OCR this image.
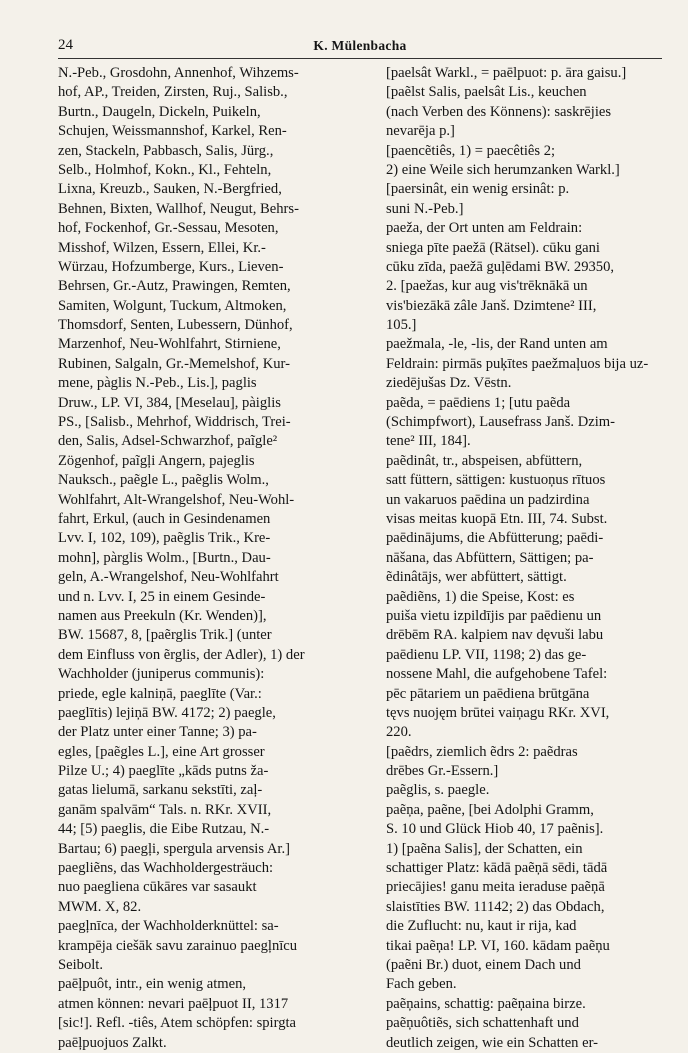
24	K. Mülenbacha
N.-Peb., Grosdohn, Annenhof, Wihzems-
hof, AP., Treiden, Zirsten, Ruj., Salisb.,
Burtn., Daugeln, Dickeln, Puikeln,
Schujen, Weissmannshof, Karkel, Ren-
zen, Stackeln, Pabbasch, Salis, Jürg.,
Selb., Holmhof, Kokn., Kl., Fehteln,
Lixna, Kreuzb., Sauken, N.-Bergfried,
Behnen, Bixten, Wallhof, Neugut, Behrs-
hof, Fockenhof, Gr.-Sessau, Mesoten,
Misshof, Wilzen, Essern, Ellei, Kr.-
Würzau, Hofzumberge, Kurs., Lieven-
Behrsen, Gr.-Autz, Prawingen, Remten,
Samiten, Wolgunt, Tuckum, Altmoken,
Thomsdorf, Senten, Lubessern, Dünhof,
Marzenhof, Neu-Wohlfahrt, Stirniene,
Rubinen, Salgaln, Gr.-Memelshof, Kur-
mene, pàglis N.-Peb., Lis.], paglis
Druw., LP. VI, 384, [Meselau], pàiglis
PS., [Salisb., Mehrhof, Widdrisch, Trei-
den, Salis, Adsel-Schwarzhof, paĩgle²
Zögenhof, paĩgļi Angern, pajeglis
Nauksch., paẽgle L., paẽglis Wolm.,
Wohlfahrt, Alt-Wrangelshof, Neu-Wohl-
fahrt, Erkul, (auch in Gesindenamen
Lvv. I, 102, 109), paẽglis Trik., Kre-
mohn], pàrglis Wolm., [Burtn., Dau-
geln, A.-Wrangelshof, Neu-Wohlfahrt
und n. Lvv. I, 25 in einem Gesinde-
namen aus Preekuln (Kr. Wenden)],
BW. 15687, 8, [paẽrglis Trik.] (unter
dem Einfluss von ẽrglis, der Adler), 1) der
Wachholder (juniperus communis):
priede, egle kalniņā, paeglīte (Var.:
paeglītis) lejiņā BW. 4172; 2) paegle,
der Platz unter einer Tanne; 3) pa-
egles, [paẽgles L.], eine Art grosser
Pilze U.; 4) paeglīte „kāds putns ža-
gatas lielumā, sarkanu sekstīti, zaļ-
ganām spalvām“ Tals. n. RKr. XVII,
44; [5) paeglis, die Eibe Rutzau, N.-
Bartau; 6) paegļi, spergula arvensis Ar.]
paegliẽns, das Wachholdergesträuch:
nuo paegliena cūkāres var sasaukt
MWM. X, 82.
paegļnīca, der Wachholderknüttel: sa-
krampēja ciešāk savu zarainuo paegļnīcu
Seibolt.
paēļpuôt, intr., ein wenig atmen,
atmen können: nevari paēļpuot II, 1317
[sic!]. Refl. -tiês, Atem schöpfen: spirgta
paēļpuojuos Zalkt.
[paelsât Warkl., = paēlpuot: p. āra gaisu.]
[paẽlst Salis, paelsât Lis., keuchen
(nach Verben des Könnens): saskrējies
nevarēja p.]
[paencẽtiês, 1) = paecêtiês 2;
2) eine Weile sich herumzanken Warkl.]
[paersinât, ein wenig ersinât: p.
suni N.-Peb.]
paeža, der Ort unten am Feldrain:
sniega pīte paežā (Rätsel). cūku gani
cūku zīda, paežā guļēdami BW. 29350,
2. [paežas, kur aug vis'trēknākā un
vis'biezākā zâle Janš. Dzimtene² III,
105.]
paežmala, -le, -lis, der Rand unten am
Feldrain: pirmās puķītes paežmaļuos bija uz-
ziedējušas Dz. Vēstn.
paẽda, = paēdiens 1; [utu paẽda
(Schimpfwort), Lausefrass Janš. Dzim-
tene² III, 184].
paẽdinât, tr., abspeisen, abfüttern,
satt füttern, sättigen: kustuoņus rītuos
un vakaruos paēdina un padzirdina
visas meitas kuopā Etn. III, 74. Subst.
paēdinājums, die Abfütterung; paēdi-
nāšana, das Abfüttern, Sättigen; pa-
ẽdinâtājs, wer abfüttert, sättigt.
paẽdiẽns, 1) die Speise, Kost: es
puiša vietu izpildījis par paēdienu un
drēbēm RA. kalpiem nav dęvuši labu
paēdienu LP. VII, 1198; 2) das ge-
nossene Mahl, die aufgehobene Tafel:
pēc pātariem un paēdiena brūtgāna
tęvs nuojęm brūtei vaiņagu RKr. XVI,
220.
[paẽdrs, ziemlich ẽdrs 2: paẽdras
drēbes Gr.-Essern.]
paẽglis, s. paegle.
paẽņa, paẽne, [bei Adolphi Gramm,
S. 10 und Glück Hiob 40, 17 paẽnis].
1) [paẽna Salis], der Schatten, ein
schattiger Platz: kādā paẽņā sēdi, tādā
priecājies! ganu meita ieraduse paẽņā
slaistīties BW. 11142; 2) das Obdach,
die Zuflucht: nu, kaut ir rija, kad
tikai paẽņa! LP. VI, 160. kādam paẽņu
(paẽni Br.) duot, einem Dach und
Fach geben.
paẽņains, schattig: paẽņaina birze.
paẽņuôtiẽs, sich schattenhaft und
deutlich zeigen, wie ein Schatten er-
